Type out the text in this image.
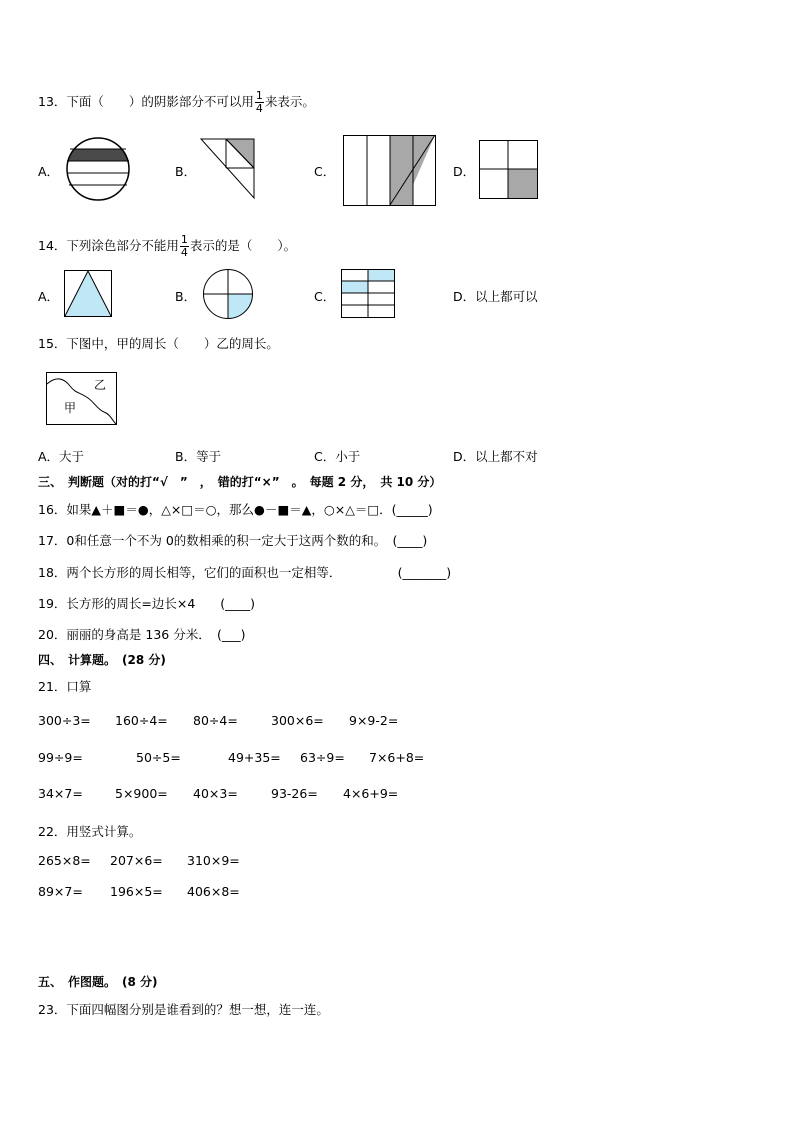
13．下面（　　）的阴影部分不可以用 $\frac{1}{4}$ 来表示。
A．	B．	C．	D．
14．下列涂色部分不能用 $\frac{1}{4}$ 表示的是（　　）。
A．	B．	C．	D．以上都可以
15．下图中，甲的周长（　　）乙的周长。
乙
甲
A．大于	B．等于	C．小于	D．以上都不对
三、　判断题（对的打“√　”　，　错的打“×”　。　每题 2 分，　共 10 分）
16．如果▲＋■＝●，△×□＝○，那么●－■＝▲，○×△＝□．(_____)
17．0和任意一个不为 0的数相乘的积一定大于这两个数的和。　(____)
18．两个长方形的周长相等，它们的面积也一定相等．　　　　　(_______)
19．长方形的周长=边长×4　　(____)
20．丽丽的身高是 136 分米．　(___)
四、　计算题。　(28 分)
21．口算
300÷3= 160÷4= 80÷4=	300×6= 9×9-2=
99÷9=	50÷5=	49+35= 63÷9= 7×6+8=
34×7=	5×900= 40×3=	93-26= 4×6+9=
22．用竖式计算。
265×8= 207×6= 310×9=
89×7= 196×5= 406×8=
五、　作图题。　(8 分)
23．下面四幅图分别是谁看到的？想一想，连一连。
